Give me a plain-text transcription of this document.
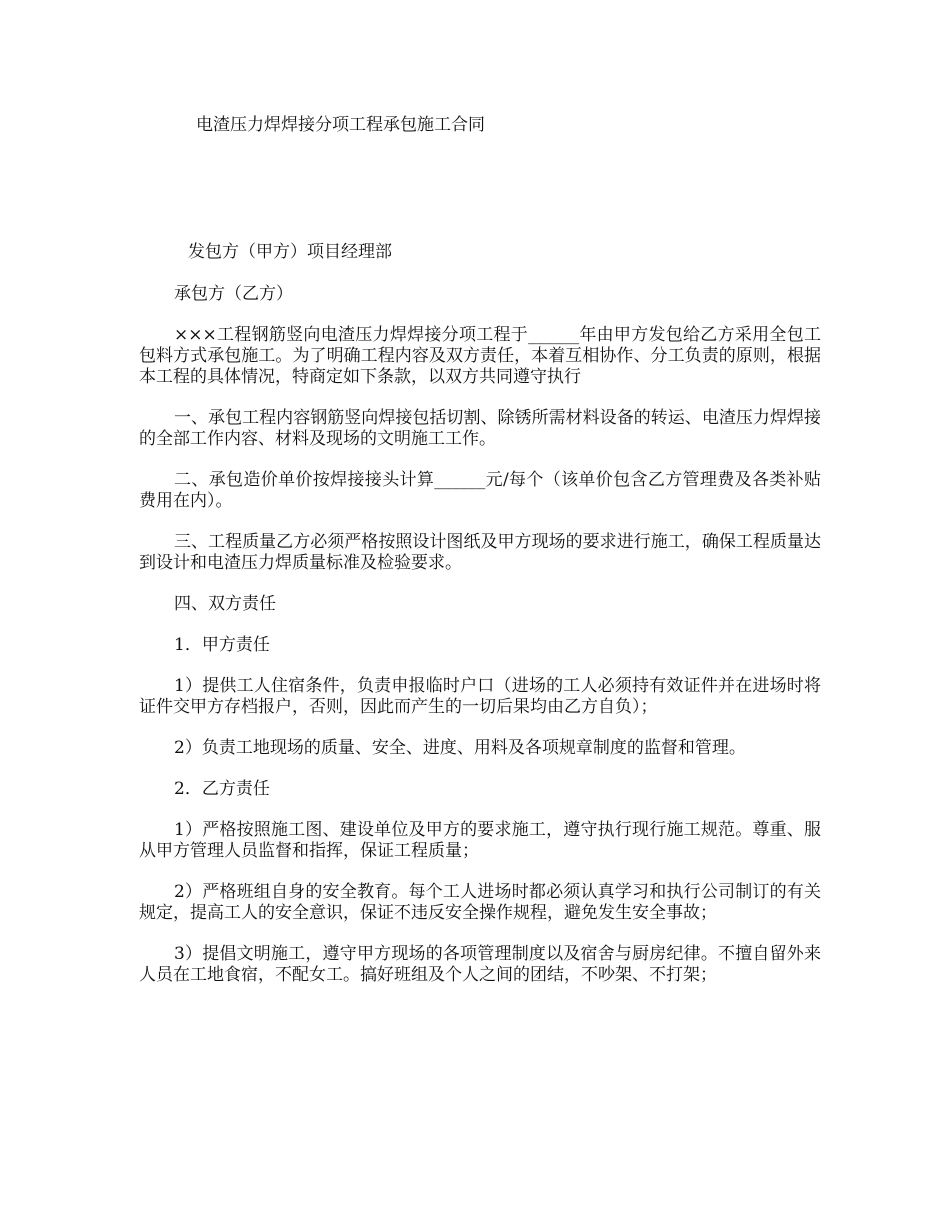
电渣压力焊焊接分项工程承包施工合同
发包方（甲方）项目经理部

承包方（乙方）

×××工程钢筋竖向电渣压力焊焊接分项工程于______年由甲方发包给乙方采用全包工包料方式承包施工。为了明确工程内容及双方责任，本着互相协作、分工负责的原则，根据本工程的具体情况，特商定如下条款，以双方共同遵守执行

一、承包工程内容钢筋竖向焊接包括切割、除锈所需材料设备的转运、电渣压力焊焊接的全部工作内容、材料及现场的文明施工工作。

二、承包造价单价按焊接接头计算______元/每个（该单价包含乙方管理费及各类补贴费用在内）。

三、工程质量乙方必须严格按照设计图纸及甲方现场的要求进行施工，确保工程质量达到设计和电渣压力焊质量标准及检验要求。

四、双方责任

1．甲方责任

1）提供工人住宿条件，负责申报临时户口（进场的工人必须持有效证件并在进场时将证件交甲方存档报户，否则，因此而产生的一切后果均由乙方自负）；

2）负责工地现场的质量、安全、进度、用料及各项规章制度的监督和管理。

2．乙方责任

1）严格按照施工图、建设单位及甲方的要求施工，遵守执行现行施工规范。尊重、服从甲方管理人员监督和指挥，保证工程质量；

2）严格班组自身的安全教育。每个工人进场时都必须认真学习和执行公司制订的有关规定，提高工人的安全意识，保证不违反安全操作规程，避免发生安全事故；

3）提倡文明施工，遵守甲方现场的各项管理制度以及宿舍与厨房纪律。不擅自留外来人员在工地食宿，不配女工。搞好班组及个人之间的团结，不吵架、不打架；
